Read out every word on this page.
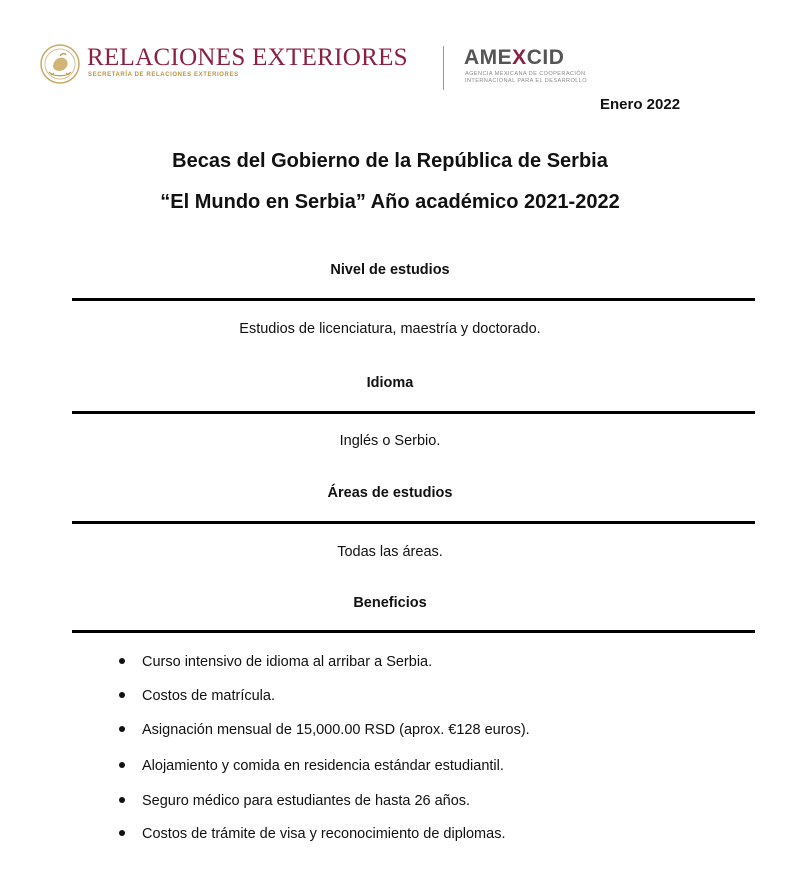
RELACIONES EXTERIORES
SECRETARÍA DE RELACIONES EXTERIORES
AMEXCID
AGENCIA MEXICANA DE COOPERACIÓN
INTERNACIONAL PARA EL DESARROLLO
Enero 2022
Becas del Gobierno de la República de Serbia
“El Mundo en Serbia” Año académico 2021-2022
Nivel de estudios
Estudios de licenciatura, maestría y doctorado.
Idioma
Inglés o Serbio.
Áreas de estudios
Todas las áreas.
Beneficios
Curso intensivo de idioma al arribar a Serbia.
Costos de matrícula.
Asignación mensual de 15,000.00 RSD (aprox. €128 euros).
Alojamiento y comida en residencia estándar estudiantil.
Seguro médico para estudiantes de hasta 26 años.
Costos de trámite de visa y reconocimiento de diplomas.
